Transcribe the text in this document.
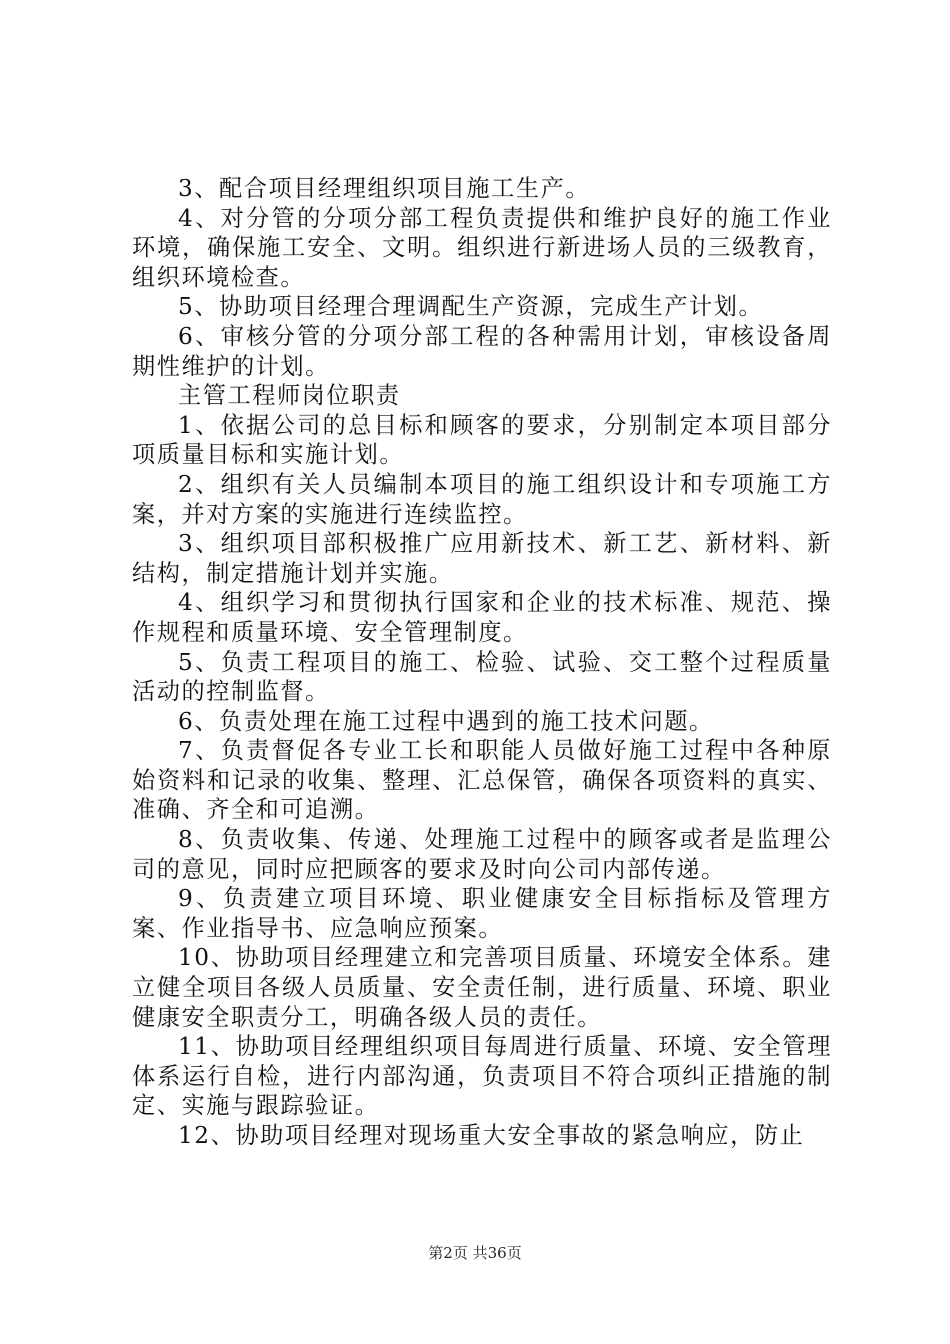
3、配合项目经理组织项目施工生产。

4、对分管的分项分部工程负责提供和维护良好的施工作业环境，确保施工安全、文明。组织进行新进场人员的三级教育，组织环境检查。

5、协助项目经理合理调配生产资源，完成生产计划。

6、审核分管的分项分部工程的各种需用计划，审核设备周期性维护的计划。

主管工程师岗位职责

1、依据公司的总目标和顾客的要求，分别制定本项目部分项质量目标和实施计划。

2、组织有关人员编制本项目的施工组织设计和专项施工方案，并对方案的实施进行连续监控。

3、组织项目部积极推广应用新技术、新工艺、新材料、新结构，制定措施计划并实施。

4、组织学习和贯彻执行国家和企业的技术标准、规范、操作规程和质量环境、安全管理制度。

5、负责工程项目的施工、检验、试验、交工整个过程质量活动的控制监督。

6、负责处理在施工过程中遇到的施工技术问题。

7、负责督促各专业工长和职能人员做好施工过程中各种原始资料和记录的收集、整理、汇总保管，确保各项资料的真实、准确、齐全和可追溯。

8、负责收集、传递、处理施工过程中的顾客或者是监理公司的意见，同时应把顾客的要求及时向公司内部传递。

9、负责建立项目环境、职业健康安全目标指标及管理方案、作业指导书、应急响应预案。

10、协助项目经理建立和完善项目质量、环境安全体系。建立健全项目各级人员质量、安全责任制，进行质量、环境、职业健康安全职责分工，明确各级人员的责任。

11、协助项目经理组织项目每周进行质量、环境、安全管理体系运行自检，进行内部沟通，负责项目不符合项纠正措施的制定、实施与跟踪验证。

12、协助项目经理对现场重大安全事故的紧急响应，防止

第2页 共36页
